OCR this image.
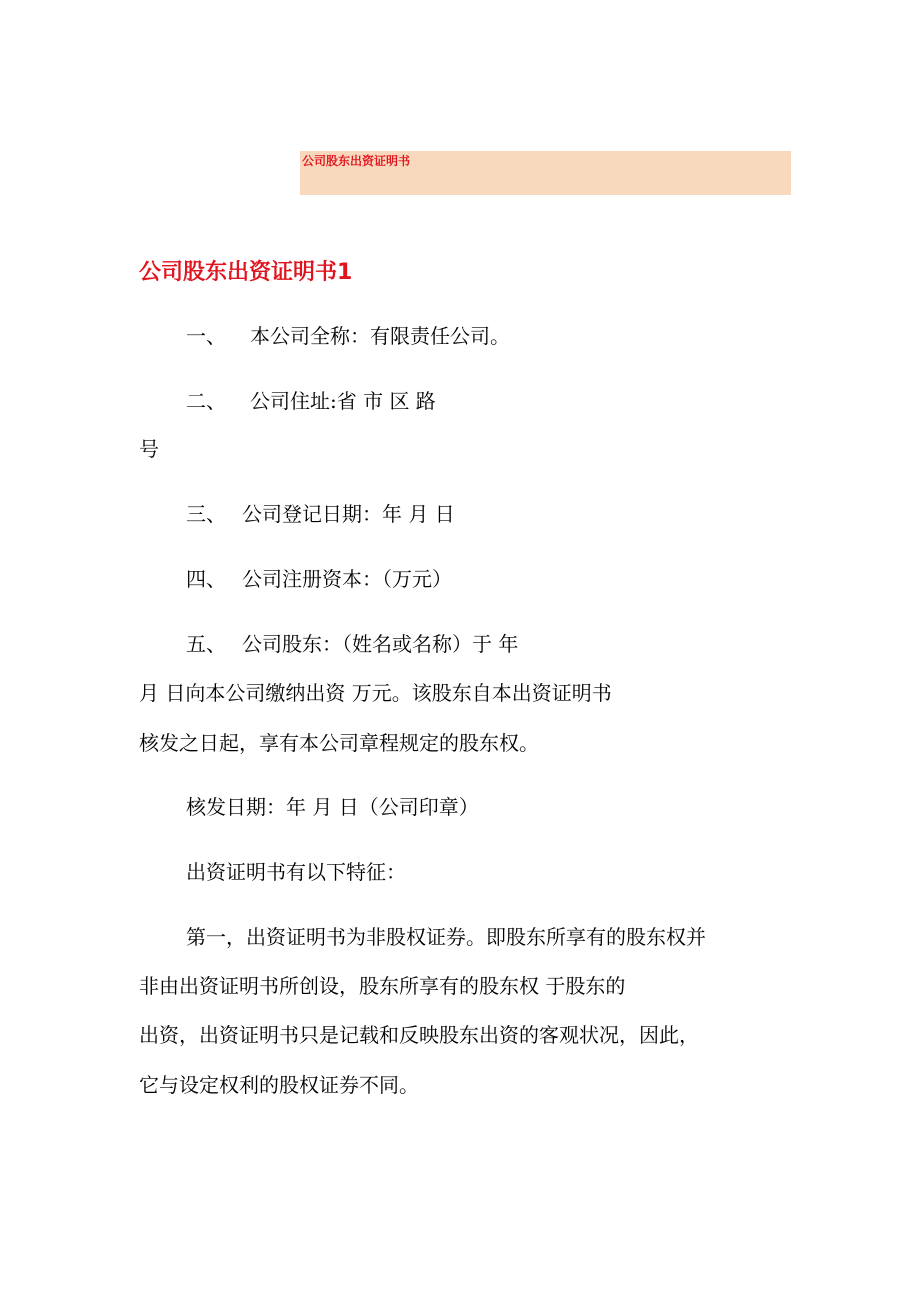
公司股东出资证明书
公司股东出资证明书1
一、 本公司全称：有限责任公司。
二、 公司住址:省 市 区 路
号
三、 公司登记日期：年 月 日
四、 公司注册资本：（万元）
五、 公司股东：（姓名或名称）于 年
月 日向本公司缴纳出资 万元。该股东自本出资证明书
核发之日起，享有本公司章程规定的股东权。
核发日期：年 月 日（公司印章）
出资证明书有以下特征：
第一，出资证明书为非股权证券。即股东所享有的股东权并
非由出资证明书所创设，股东所享有的股东权 于股东的
出资，出资证明书只是记载和反映股东出资的客观状况，因此，
它与设定权利的股权证券不同。
